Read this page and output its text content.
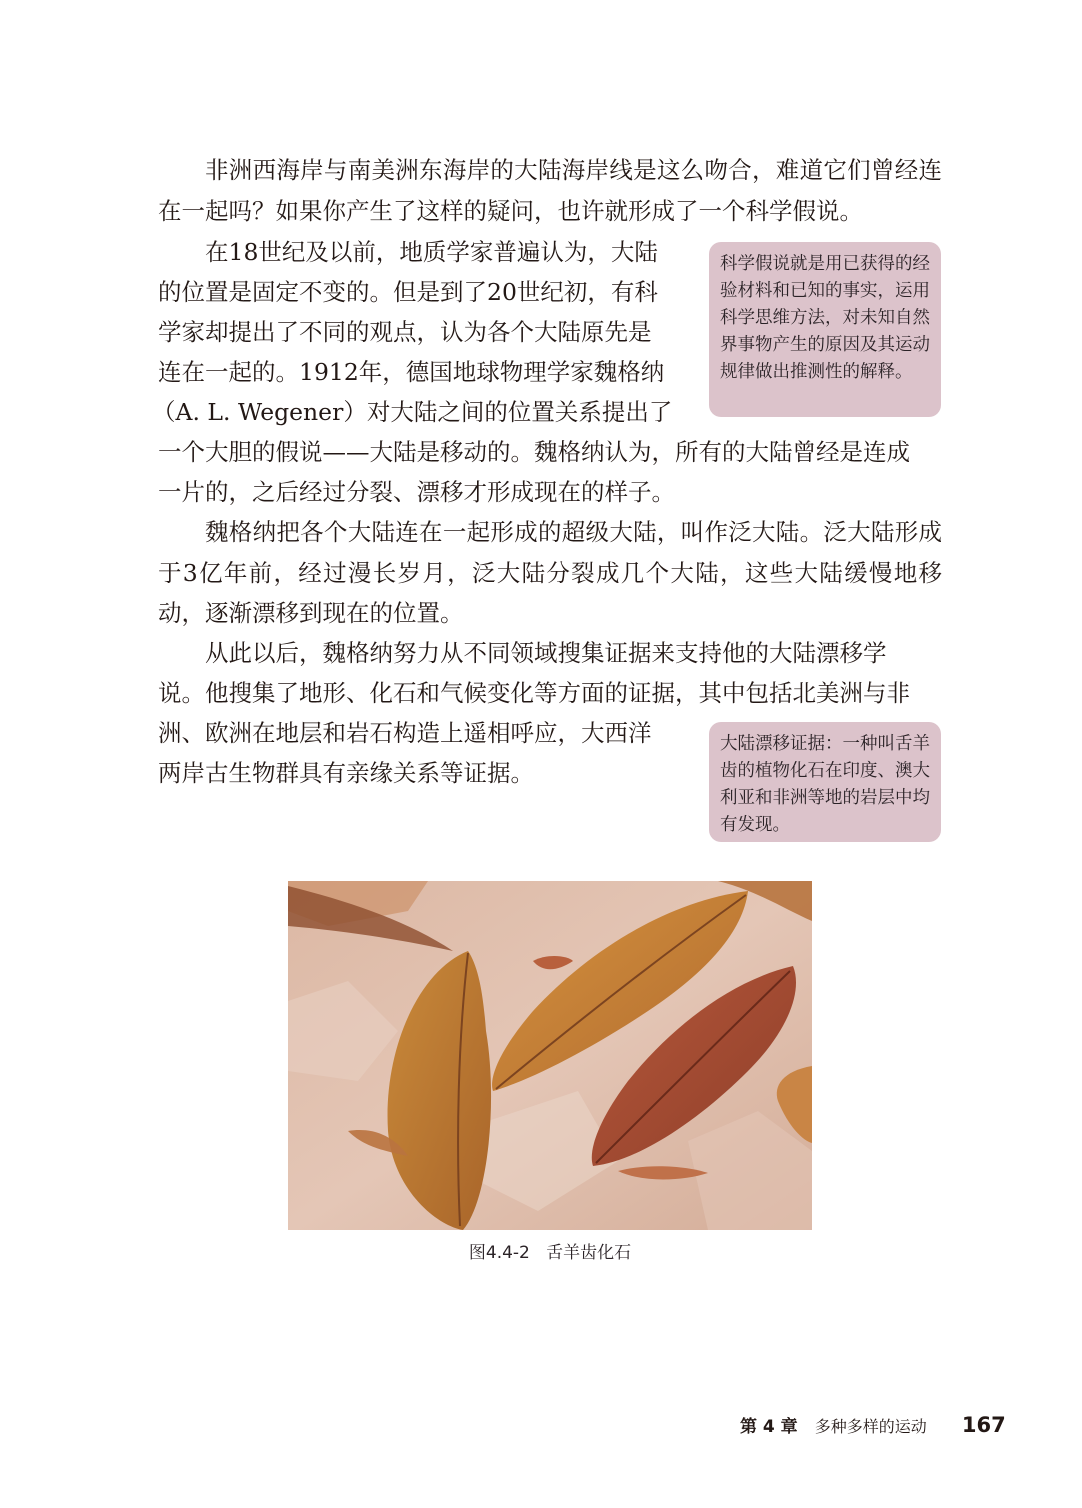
非洲西海岸与南美洲东海岸的大陆海岸线是这么吻合，难道它们曾经连在一起吗？如果你产生了这样的疑问，也许就形成了一个科学假说。

在18世纪及以前，地质学家普遍认为，大陆

的位置是固定不变的。但是到了20世纪初，有科

学家却提出了不同的观点，认为各个大陆原先是

连在一起的。1912年，德国地球物理学家魏格纳

（A. L. Wegener）对大陆之间的位置关系提出了

一个大胆的假说——大陆是移动的。魏格纳认为，所有的大陆曾经是连成

一片的，之后经过分裂、漂移才形成现在的样子。

科学假说就是用已获得的经验材料和已知的事实，运用科学思维方法，对未知自然界事物产生的原因及其运动规律做出推测性的解释。

魏格纳把各个大陆连在一起形成的超级大陆，叫作泛大陆。泛大陆形成于3亿年前，经过漫长岁月，泛大陆分裂成几个大陆，这些大陆缓慢地移动，逐渐漂移到现在的位置。

从此以后，魏格纳努力从不同领域搜集证据来支持他的大陆漂移学

说。他搜集了地形、化石和气候变化等方面的证据，其中包括北美洲与非

洲、欧洲在地层和岩石构造上遥相呼应，大西洋

两岸古生物群具有亲缘关系等证据。

大陆漂移证据：一种叫舌羊齿的植物化石在印度、澳大利亚和非洲等地的岩层中均有发现。
图4.4-2   舌羊齿化石
第 4 章 多种多样的运动 167
